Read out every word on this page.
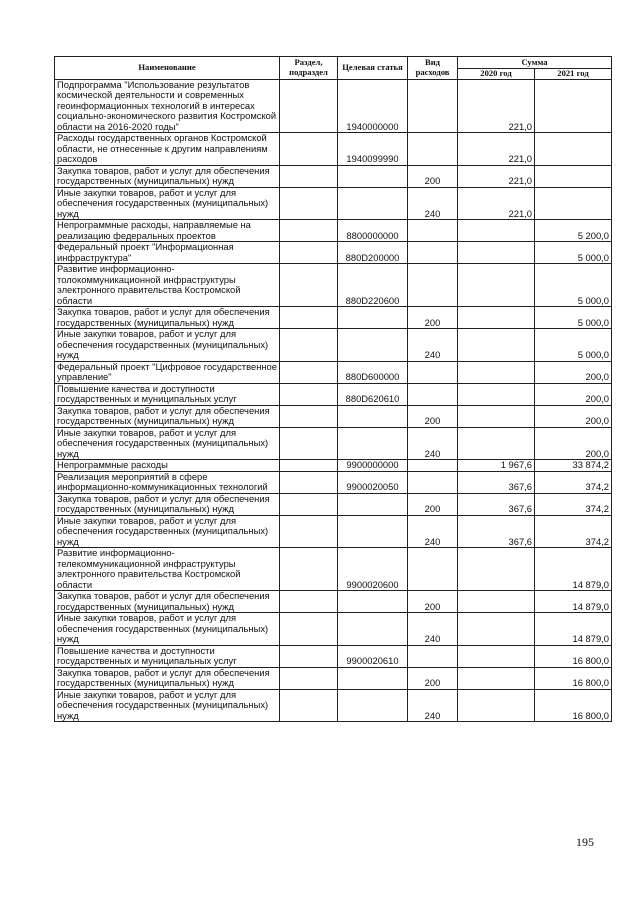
Наименование	Раздел, подраздел	Целевая статья	Вид расходов	Сумма	
				2020 год	2021 год
Подпрограмма "Использование результатов космической деятельности и современных геоинформационных технологий в интересах социально-экономического развития Костромской области на 2016-2020 годы"		1940000000		221,0	
Расходы государственных органов Костромской области, не отнесенные к другим направлениям расходов		1940099990		221,0	
Закупка товаров, работ и услуг для обеспечения государственных (муниципальных) нужд			200	221,0	
Иные закупки товаров, работ и услуг для обеспечения государственных (муниципальных) нужд			240	221,0	
Непрограммные расходы, направляемые на реализацию федеральных проектов		8800000000			5 200,0
Федеральный проект "Информационная инфраструктура"		880D200000			5 000,0
Развитие информационно-толокоммуникационной инфраструктуры электронного правительства Костромской области		880D220600			5 000,0
Закупка товаров, работ и услуг для обеспечения государственных (муниципальных) нужд			200		5 000,0
Иные закупки товаров, работ и услуг для обеспечения государственных (муниципальных) нужд			240		5 000,0
Федеральный проект "Цифровое государственное управление"		880D600000			200,0
Повышение качества и доступности государственных и муниципальных услуг		880D620610			200,0
Закупка товаров, работ и услуг для обеспечения государственных (муниципальных) нужд			200		200,0
Иные закупки товаров, работ и услуг для обеспечения государственных (муниципальных) нужд			240		200,0
Непрограммные расходы		9900000000		1 967,6	33 874,2
Реализация мероприятий в сфере информационно-коммуникационных технологий		9900020050		367,6	374,2
Закупка товаров, работ и услуг для обеспечения государственных (муниципальных) нужд			200	367,6	374,2
Иные закупки товаров, работ и услуг для обеспечения государственных (муниципальных) нужд			240	367,6	374,2
Развитие информационно-телекоммуникационной инфраструктуры электронного правительства Костромской области		9900020600			14 879,0
Закупка товаров, работ и услуг для обеспечения государственных (муниципальных) нужд			200		14 879,0
Иные закупки товаров, работ и услуг для обеспечения государственных (муниципальных) нужд			240		14 879,0
Повышение качества и доступности государственных и муниципальных услуг		9900020610			16 800,0
Закупка товаров, работ и услуг для обеспечения государственных (муниципальных) нужд			200		16 800,0
Иные закупки товаров, работ и услуг для обеспечения государственных (муниципальных) нужд			240		16 800,0
195
